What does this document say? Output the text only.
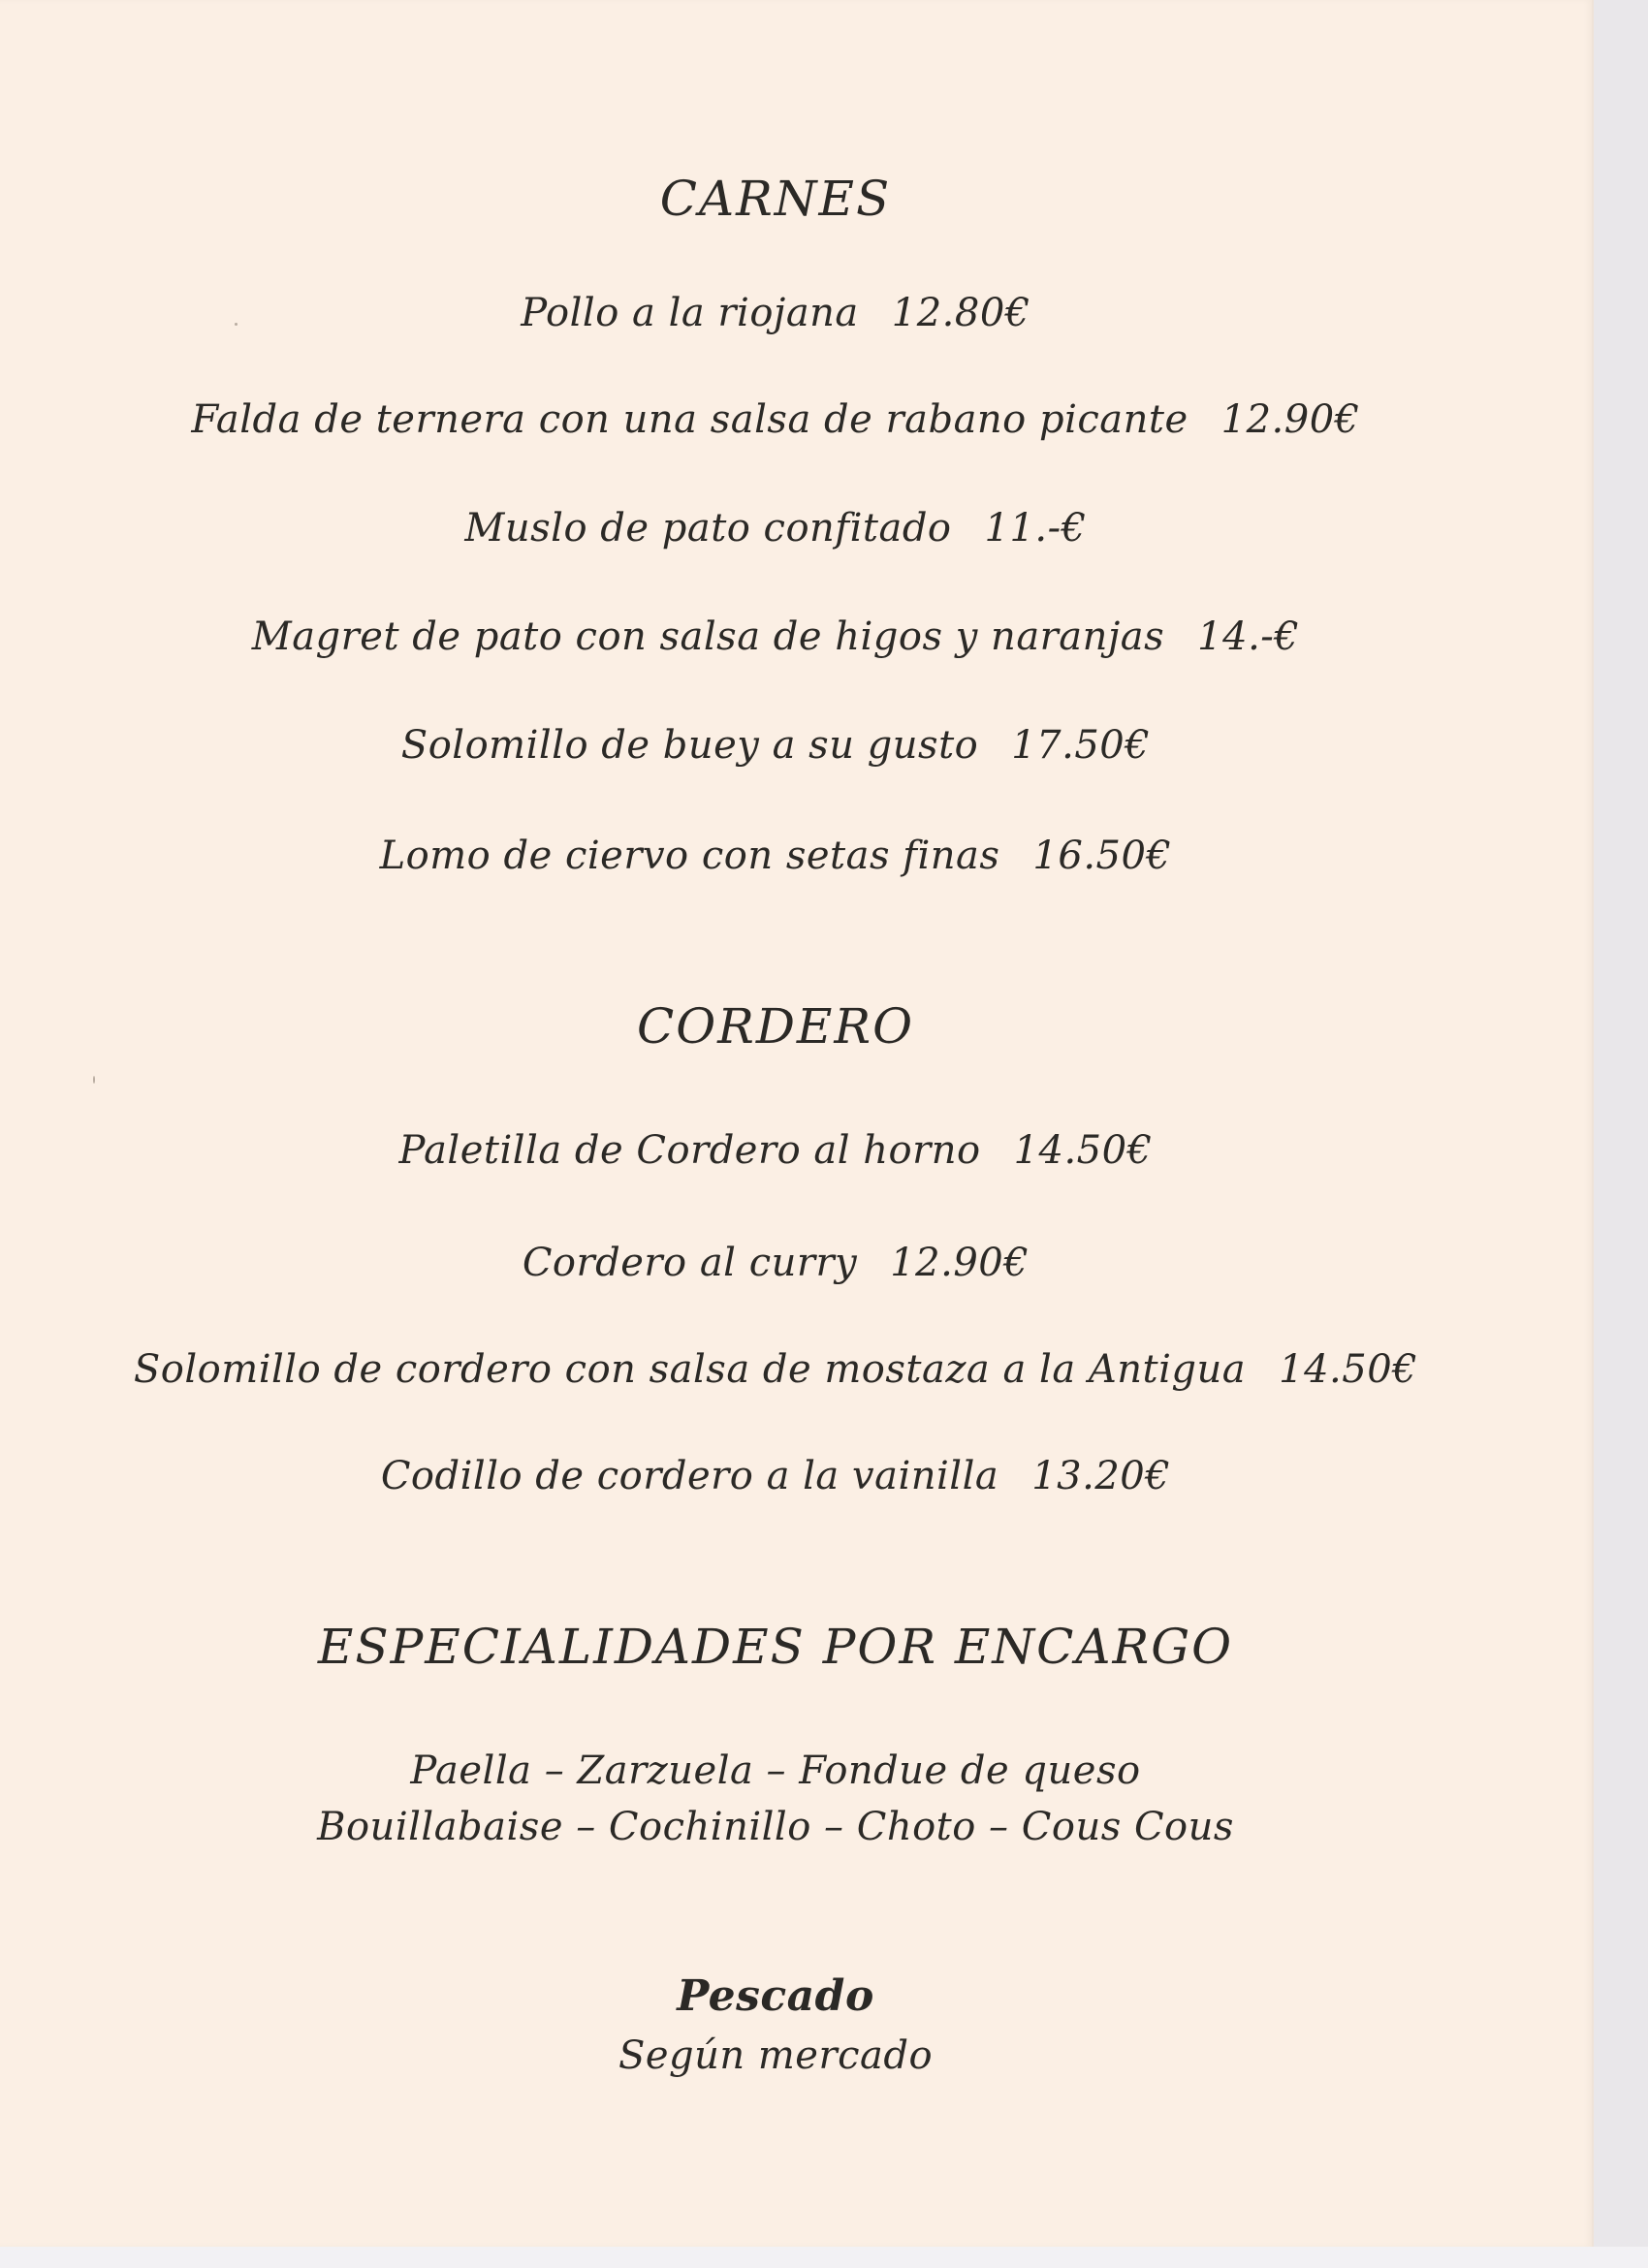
CARNES
Pollo a la riojana 12.80€
Falda de ternera con una salsa de rabano picante 12.90€
Muslo de pato confitado 11.-€
Magret de pato con salsa de higos y naranjas 14.-€
Solomillo de buey a su gusto 17.50€
Lomo de ciervo con setas finas 16.50€
CORDERO
Paletilla de Cordero al horno 14.50€
Cordero al curry 12.90€
Solomillo de cordero con salsa de mostaza a la Antigua 14.50€
Codillo de cordero a la vainilla 13.20€
ESPECIALIDADES POR ENCARGO
Paella – Zarzuela – Fondue de queso
Bouillabaise – Cochinillo – Choto – Cous Cous
Pescado
Según mercado
